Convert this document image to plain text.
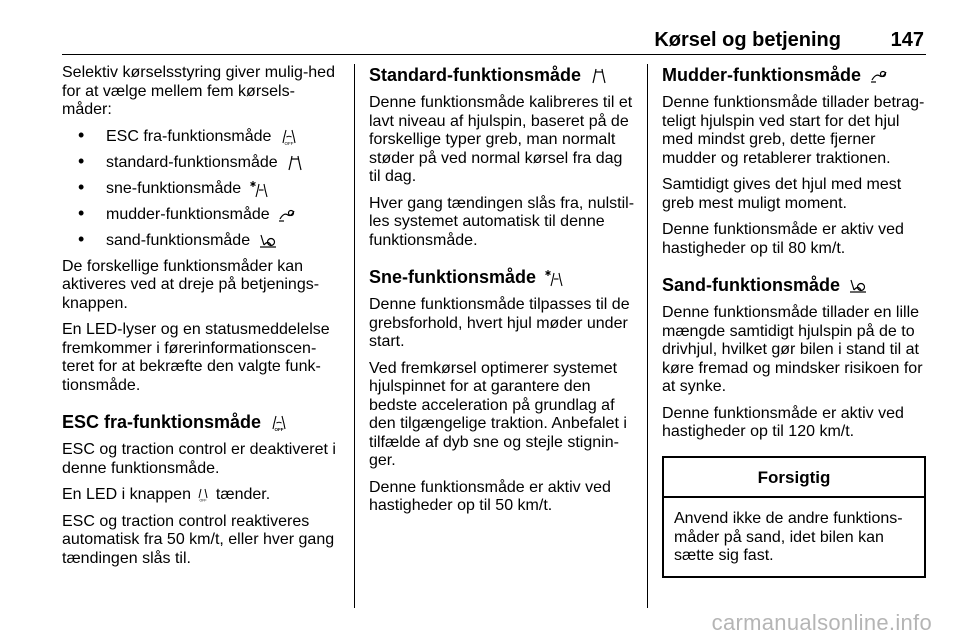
Kørsel og betjening 147

Selektiv kørselsstyring giver mulig-hed for at vælge mellem fem kørsels-måder:

• ESC fra-funktionsmåde	OFF
• standard-funktionsmåde
• sne-funktionsmåde
• mudder-funktionsmåde
• sand-funktionsmåde

De forskellige funktionsmåder kan aktiveres ved at dreje på betjenings-knappen.

En LED-lyser og en statusmeddelelse fremkommer i førerinformationscen-teret for at bekræfte den valgte funk-tionsmåde.

ESC fra-funktionsmåde	OFF

ESC og traction control er deaktiveret i denne funktionsmåde.

En LED i knappen	OFF tænder.

ESC og traction control reaktiveres automatisk fra 50 km/t, eller hver gang tændingen slås til.

Standard-funktionsmåde

Denne funktionsmåde kalibreres til et lavt niveau af hjulspin, baseret på de forskellige typer greb, man normalt støder på ved normal kørsel fra dag til dag.

Hver gang tændingen slås fra, nulstil-les systemet automatisk til denne funktionsmåde.

Sne-funktionsmåde

Denne funktionsmåde tilpasses til de grebsforhold, hvert hjul møder under start.

Ved fremkørsel optimerer systemet hjulspinnet for at garantere den bedste acceleration på grundlag af den tilgængelige traktion. Anbefalet i tilfælde af dyb sne og stejle stignin-ger.

Denne funktionsmåde er aktiv ved hastigheder op til 50 km/t.

Mudder-funktionsmåde

Denne funktionsmåde tillader betrag-teligt hjulspin ved start for det hjul med mindst greb, dette fjerner mudder og retablerer traktionen.

Samtidigt gives det hjul med mest greb mest muligt moment.

Denne funktionsmåde er aktiv ved hastigheder op til 80 km/t.

Sand-funktionsmåde

Denne funktionsmåde tillader en lille mængde samtidigt hjulspin på de to drivhjul, hvilket gør bilen i stand til at køre fremad og mindsker risikoen for at synke.

Denne funktionsmåde er aktiv ved hastigheder op til 120 km/t.

Forsigtig
Anvend ikke de andre funktions-måder på sand, idet bilen kan sætte sig fast.
carmanualsonline.info
